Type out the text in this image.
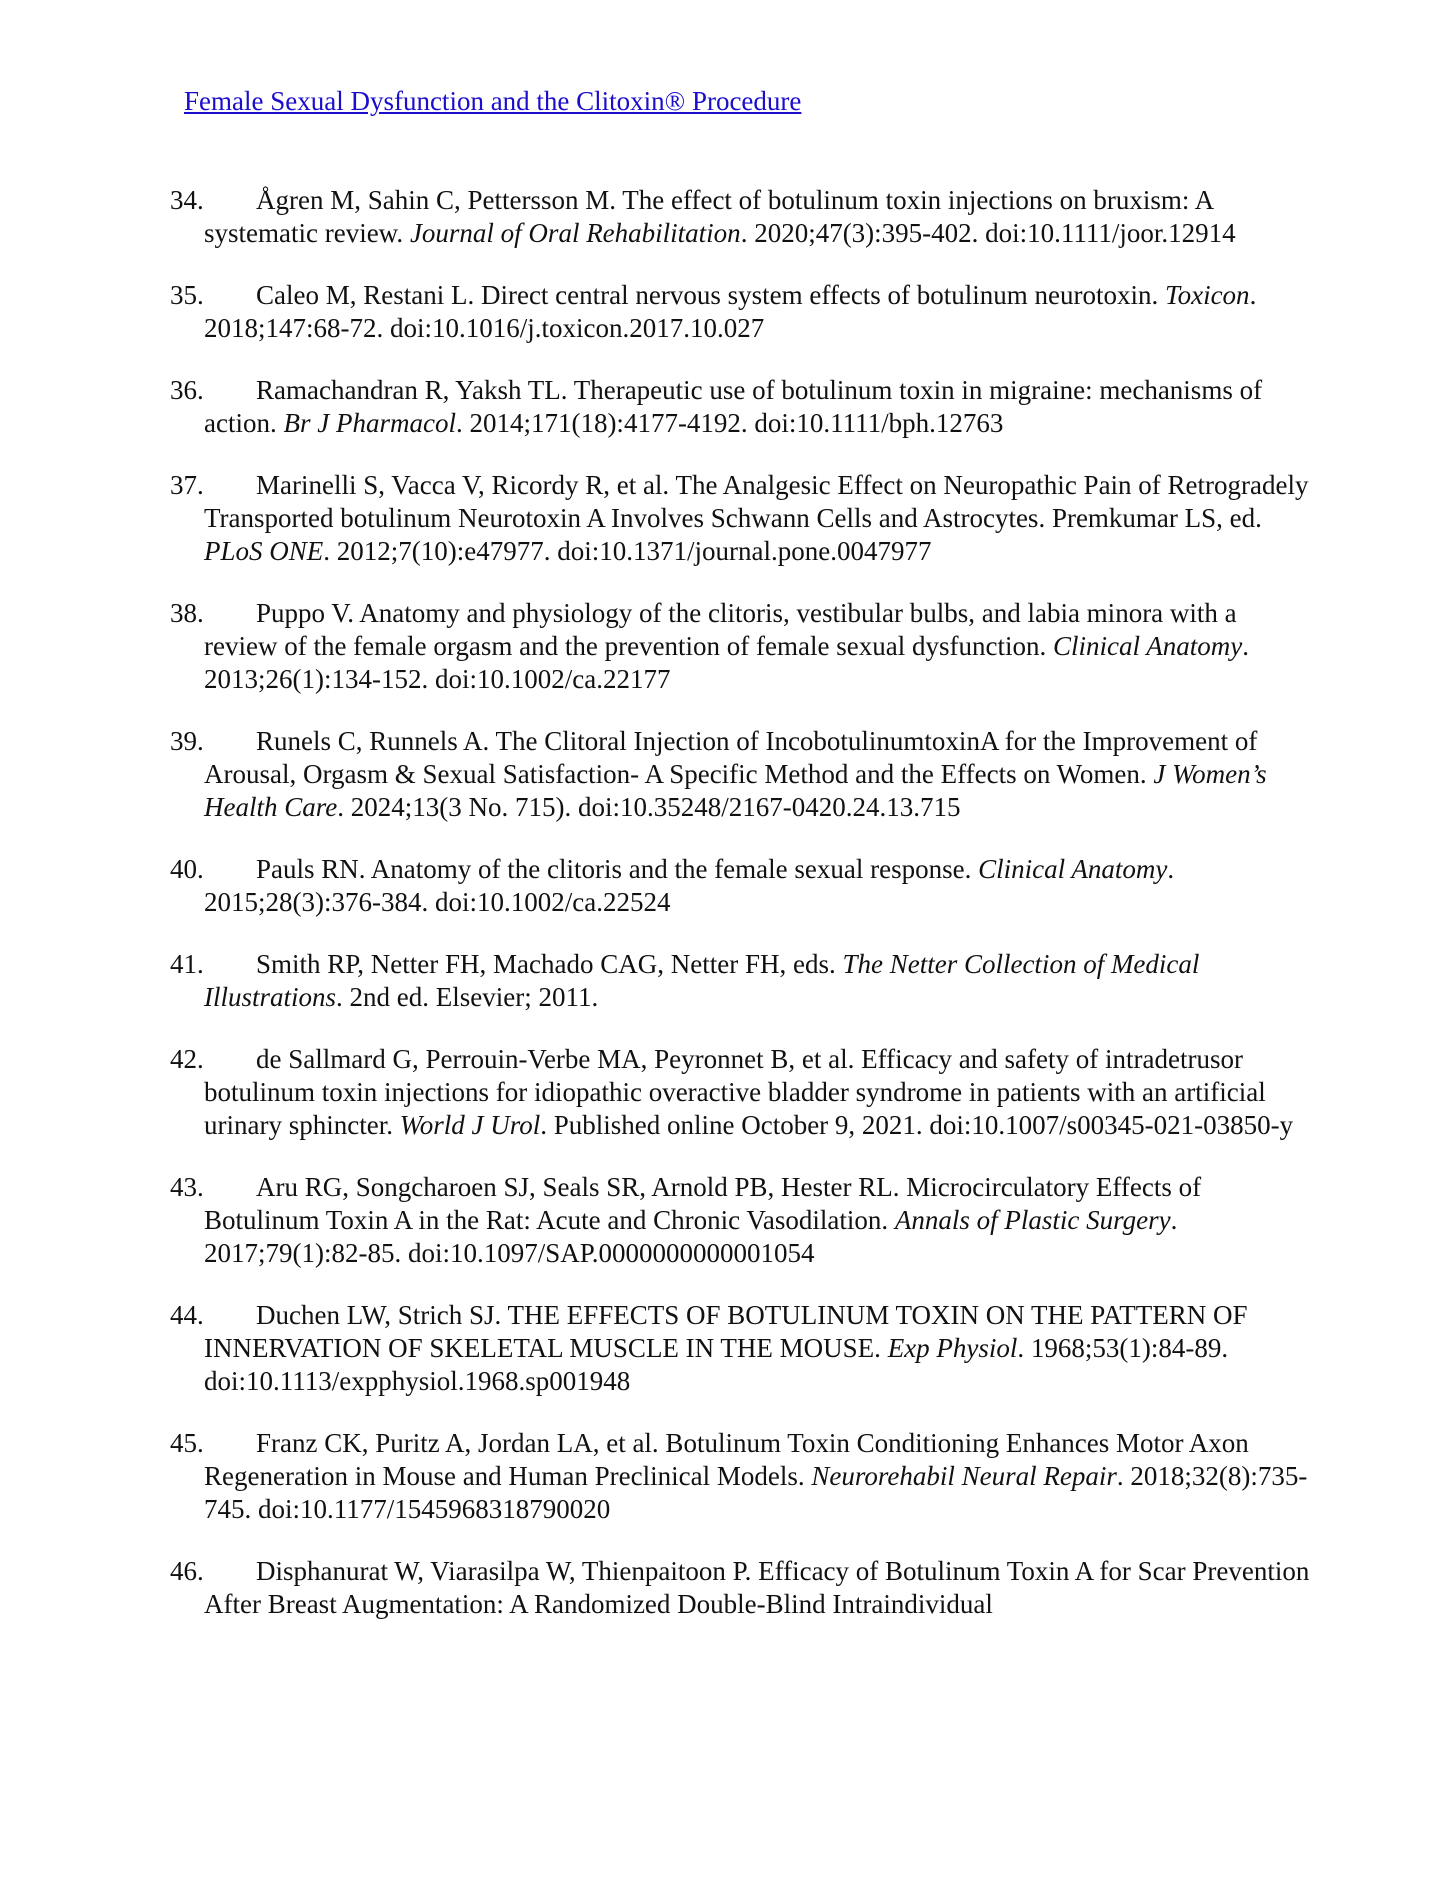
Female Sexual Dysfunction and the Clitoxin® Procedure
34. Ågren M, Sahin C, Pettersson M. The effect of botulinum toxin injections on bruxism: A systematic review. Journal of Oral Rehabilitation. 2020;47(3):395-402. doi:10.1111/joor.12914
35. Caleo M, Restani L. Direct central nervous system effects of botulinum neurotoxin. Toxicon. 2018;147:68-72. doi:10.1016/j.toxicon.2017.10.027
36. Ramachandran R, Yaksh TL. Therapeutic use of botulinum toxin in migraine: mechanisms of action. Br J Pharmacol. 2014;171(18):4177-4192. doi:10.1111/bph.12763
37. Marinelli S, Vacca V, Ricordy R, et al. The Analgesic Effect on Neuropathic Pain of Retrogradely Transported botulinum Neurotoxin A Involves Schwann Cells and Astrocytes. Premkumar LS, ed. PLoS ONE. 2012;7(10):e47977. doi:10.1371/journal.pone.0047977
38. Puppo V. Anatomy and physiology of the clitoris, vestibular bulbs, and labia minora with a review of the female orgasm and the prevention of female sexual dysfunction. Clinical Anatomy. 2013;26(1):134-152. doi:10.1002/ca.22177
39. Runels C, Runnels A. The Clitoral Injection of IncobotulinumtoxinA for the Improvement of Arousal, Orgasm & Sexual Satisfaction- A Specific Method and the Effects on Women. J Women’s Health Care. 2024;13(3 No. 715). doi:10.35248/2167-0420.24.13.715
40. Pauls RN. Anatomy of the clitoris and the female sexual response. Clinical Anatomy. 2015;28(3):376-384. doi:10.1002/ca.22524
41. Smith RP, Netter FH, Machado CAG, Netter FH, eds. The Netter Collection of Medical Illustrations. 2nd ed. Elsevier; 2011.
42. de Sallmard G, Perrouin-Verbe MA, Peyronnet B, et al. Efficacy and safety of intradetrusor botulinum toxin injections for idiopathic overactive bladder syndrome in patients with an artificial urinary sphincter. World J Urol. Published online October 9, 2021. doi:10.1007/s00345-021-03850-y
43. Aru RG, Songcharoen SJ, Seals SR, Arnold PB, Hester RL. Microcirculatory Effects of Botulinum Toxin A in the Rat: Acute and Chronic Vasodilation. Annals of Plastic Surgery. 2017;79(1):82-85. doi:10.1097/SAP.0000000000001054
44. Duchen LW, Strich SJ. THE EFFECTS OF BOTULINUM TOXIN ON THE PATTERN OF INNERVATION OF SKELETAL MUSCLE IN THE MOUSE. Exp Physiol. 1968;53(1):84-89. doi:10.1113/expphysiol.1968.sp001948
45. Franz CK, Puritz A, Jordan LA, et al. Botulinum Toxin Conditioning Enhances Motor Axon Regeneration in Mouse and Human Preclinical Models. Neurorehabil Neural Repair. 2018;32(8):735-745. doi:10.1177/1545968318790020
46. Disphanurat W, Viarasilpa W, Thienpaitoon P. Efficacy of Botulinum Toxin A for Scar Prevention After Breast Augmentation: A Randomized Double-Blind Intraindividual
